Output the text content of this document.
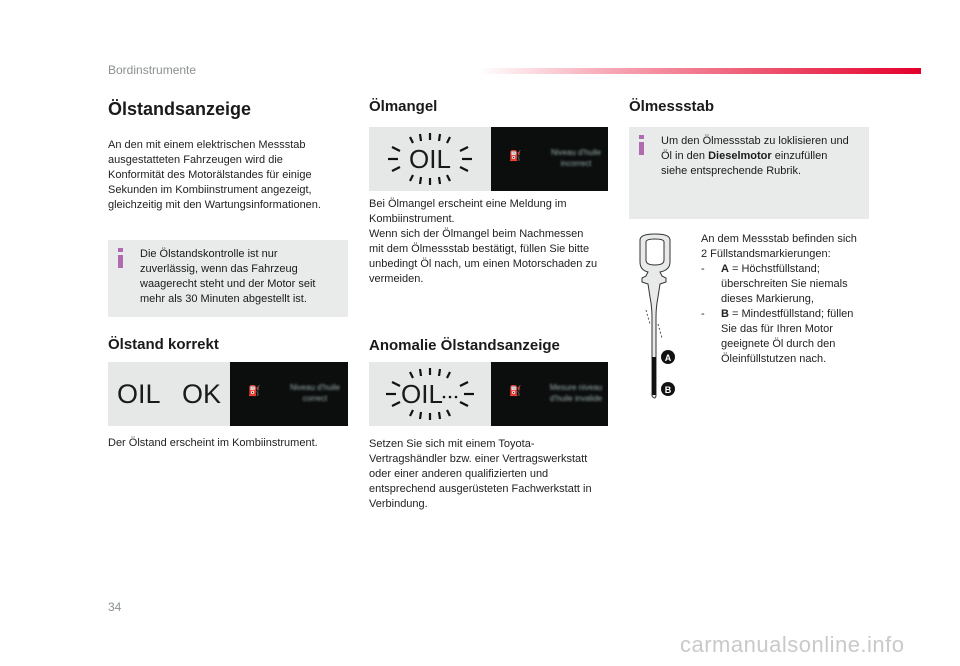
Bordinstrumente
Ölstandsanzeige
An den mit einem elektrischen Messstab
ausgestatteten Fahrzeugen wird die
Konformität des Motorälstandes für einige
Sekunden im Kombiinstrument angezeigt,
gleichzeitig mit den Wartungsinformationen.
Die Ölstandskontrolle ist nur
zuverlässig, wenn das Fahrzeug
waagerecht steht und der Motor seit
mehr als 30 Minuten abgestellt ist.
Ölstand korrekt
OIL   OK	⛽	Niveau d'huile
correct
Der Ölstand erscheint im Kombiinstrument.
Ölmangel
OIL	⛽	Niveau d'huile
incorrect
Bei Ölmangel erscheint eine Meldung im
Kombiinstrument.
Wenn sich der Ölmangel beim Nachmessen
mit dem Ölmessstab bestätigt, füllen Sie bitte
unbedingt Öl nach, um einen Motorschaden zu
vermeiden.
Anomalie Ölstandsanzeige
OIL	⛽	Mesure niveau
d'huile invalide
Setzen Sie sich mit einem Toyota-
Vertragshändler bzw. einer Vertragswerkstatt
oder einer anderen qualifizierten und
entsprechend ausgerüsteten Fachwerkstatt in
Verbindung.
Ölmessstab
Um den Ölmessstab zu loklisieren und
Öl in den Dieselmotor einzufüllen
siehe entsprechende Rubrik.
A
B
An dem Messstab befinden sich
2 Füllstandsmarkierungen:
- A = Höchstfüllstand;
überschreiten Sie niemals
dieses Markierung,
- B = Mindestfüllstand; füllen
Sie das für Ihren Motor
geeignete Öl durch den
Öleinfüllstutzen nach.
34
carmanualsonline.info
